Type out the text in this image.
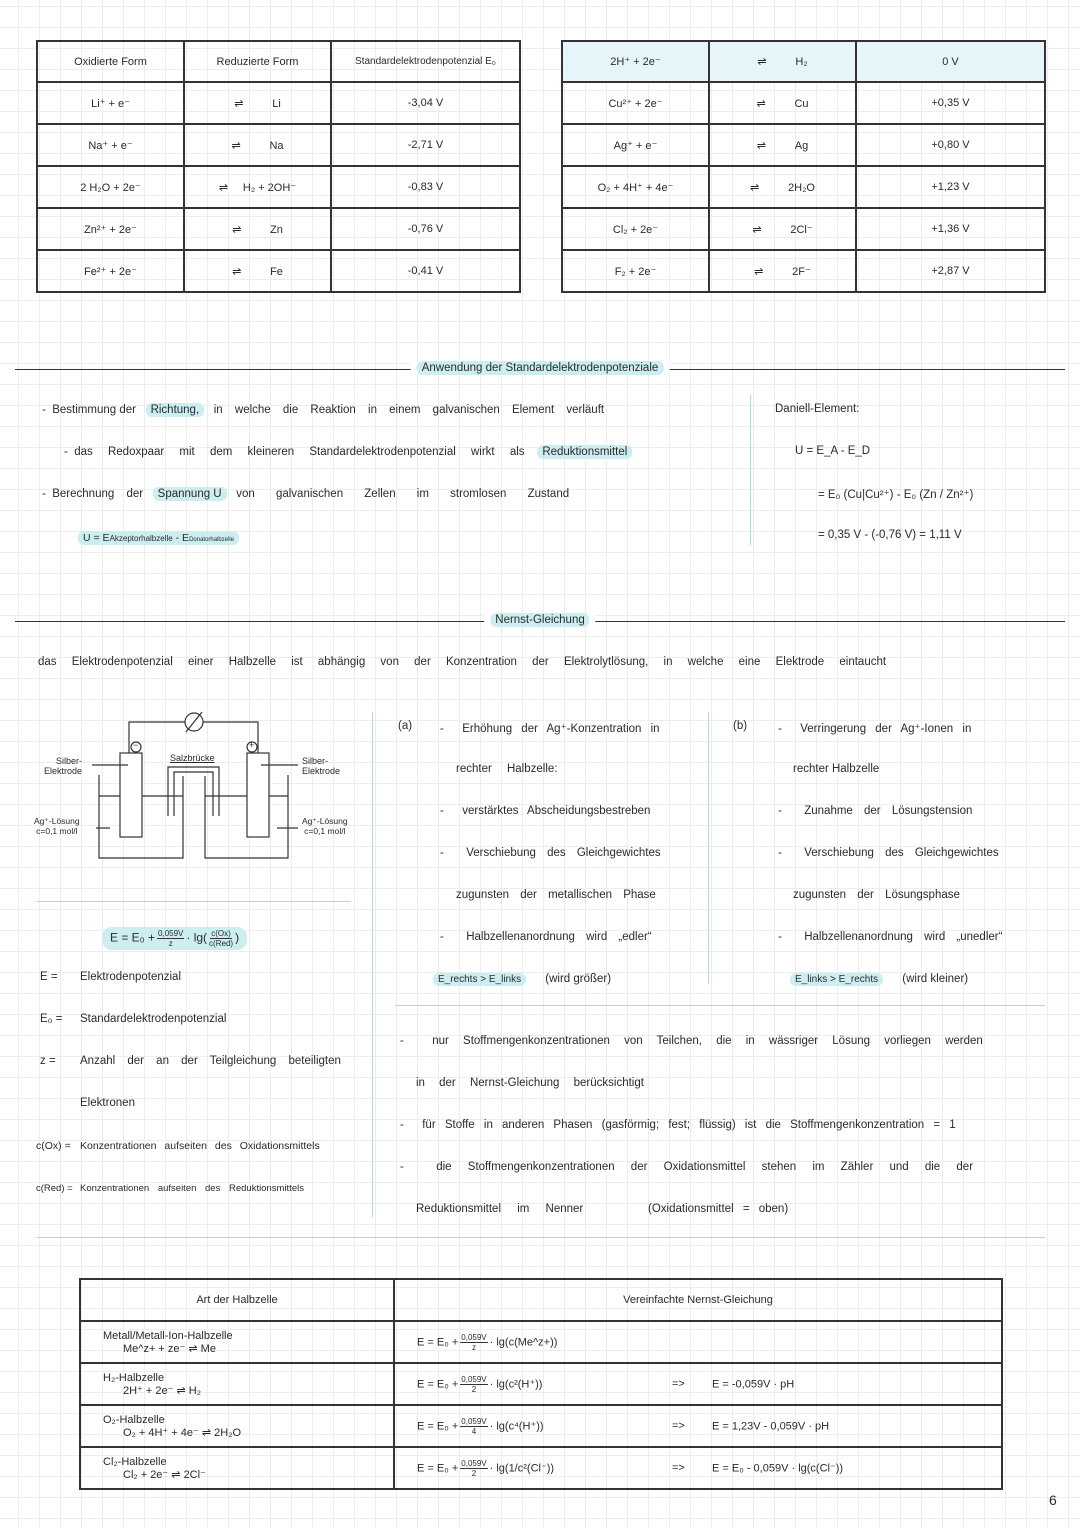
Oxidierte Form	Reduzierte Form	Standardelektrodenpotenzial E₀
Li⁺ + e⁻	⇌ Li	-3,04 V
Na⁺ + e⁻	⇌ Na	-2,71 V
2 H₂O + 2e⁻	⇌ H₂ + 2OH⁻	-0,83 V
Zn²⁺ + 2e⁻	⇌ Zn	-0,76 V
Fe²⁺ + 2e⁻	⇌ Fe	-0,41 V
2H⁺ + 2e⁻	⇌ H₂	0 V
Cu²⁺ + 2e⁻	⇌ Cu	+0,35 V
Ag⁺ + e⁻	⇌ Ag	+0,80 V
O₂ + 4H⁺ + 4e⁻	⇌ 2H₂O	+1,23 V
Cl₂ + 2e⁻	⇌ 2Cl⁻	+1,36 V
F₂ + 2e⁻	⇌ 2F⁻	+2,87 V
Anwendung der Standardelektrodenpotenziale
-  Bestimmung der Richtung, in welche die Reaktion in einem galvanischen Element verläuft
-  das Redoxpaar mit dem kleineren Standardelektrodenpotenzial wirkt als Reduktionsmittel
-  Berechnung der Spannung U von galvanischen Zellen im stromlosen Zustand
U = EAkzeptorhalbzelle - EDonatorhalbzelle
Daniell-Element:
U = E_A - E_D
= E₀ (Cu|Cu²⁺) - E₀ (Zn / Zn²⁺)
= 0,35 V - (-0,76 V) = 1,11 V
Nernst-Gleichung
das Elektrodenpotenzial einer Halbzelle ist abhängig von der Konzentration der Elektrolytlösung, in welche eine Elektrode eintaucht
−	+
Salzbrücke
Silber-
Elektrode
Silber-
Elektrode
Ag⁺-Lösung
c=0,1 mol/l
Ag⁺-Lösung
c=0,1 mol/l
$E = E_0 + \frac{0,059V}{z} \cdot \lg( \frac{c(Ox)}{\text{c(Red)}}$ )
E = Elektrodenpotenzial
E₀ = Standardelektrodenpotenzial
z = Anzahl der an der Teilgleichung beteiligten
Elektronen
c(Ox) = Konzentrationen aufseiten des Oxidationsmittels
c(Red) = Konzentrationen aufseiten des Reduktionsmittels
(a) -  Erhöhung der Ag⁺-Konzentration in
rechter Halbzelle:
-  verstärktes Abscheidungsbestreben
-  Verschiebung des Gleichgewichtes
zugunsten der metallischen Phase
-  Halbzellenanordnung wird „edler“
E_rechts > E_links (wird größer)
(b)	-  Verringerung der Ag⁺-Ionen in
rechter Halbzelle
-  Zunahme der Lösungstension
-  Verschiebung des Gleichgewichtes
zugunsten der Lösungsphase
-  Halbzellenanordnung wird „unedler“
E_links > E_rechts (wird kleiner)
-  nur Stoffmengenkonzentrationen von Teilchen, die in wässriger Lösung vorliegen werden
in der Nernst-Gleichung berücksichtigt
-  für Stoffe in anderen Phasen (gasförmig; fest; flüssig) ist die Stoffmengenkonzentration = 1
-  die Stoffmengenkonzentrationen der Oxidationsmittel stehen im Zähler und die der
Reduktionsmittel im Nenner	(Oxidationsmittel = oben)
Art der Halbzelle	Vereinfachte Nernst-Gleichung
Metall/Metall-Ion-Halbzelle
Me^z+ + ze⁻ ⇌ Me	$E = E_0 + \frac{0,059V}{z}$ · lg(c(Me^z+))
H₂-Halbzelle
2H⁺ + 2e⁻ ⇌ H₂	$E = E_0 + \frac{0,059V}{2} \cdot \lg(c^2(H^+)) => E = -0,059V$ · pH
O₂-Halbzelle
O₂ + 4H⁺ + 4e⁻ ⇌ 2H₂O	$E = E_0 + \frac{0,059V}{4} \cdot \lg(c^4(H^+)) => E = 1,23V - 0,059V$ · pH
Cl₂-Halbzelle
Cl₂ + 2e⁻ ⇌ 2Cl⁻	$E = E_0 + \frac{0,059V}{2} \cdot \lg(1/c^2(Cl^-)) => E = E_0 - 0,059V \cdot \lg(c(Cl^-))$
6
